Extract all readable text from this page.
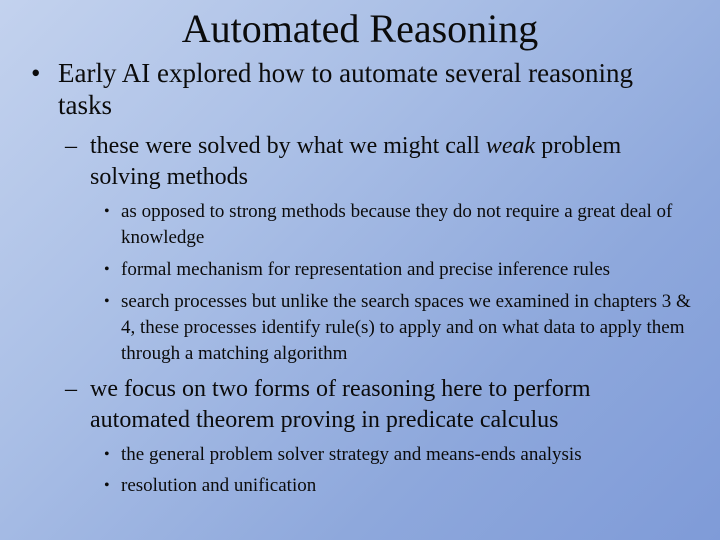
Automated Reasoning
• Early AI explored how to automate several reasoning tasks
– these were solved by what we might call weak problem solving methods
• as opposed to strong methods because they do not require a great deal of knowledge
• formal mechanism for representation and precise inference rules
• search processes but unlike the search spaces we examined in chapters 3 & 4, these processes identify rule(s) to apply and on what data to apply them through a matching algorithm
– we focus on two forms of reasoning here to perform automated theorem proving in predicate calculus
• the general problem solver strategy and means-ends analysis
• resolution and unification
